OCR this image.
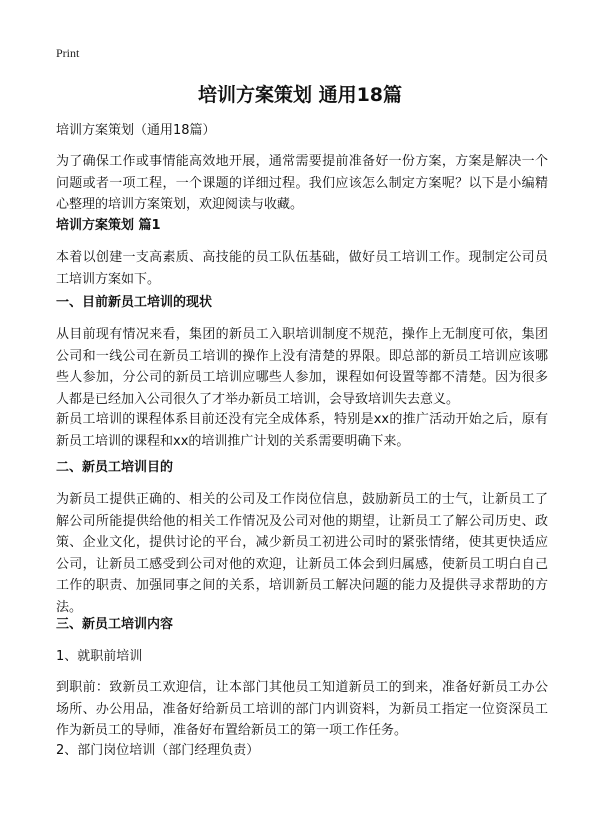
Print
培训方案策划 通用18篇

培训方案策划（通用18篇）

为了确保工作或事情能高效地开展，通常需要提前准备好一份方案，方案是解决一个问题或者一项工程，一个课题的详细过程。我们应该怎么制定方案呢？以下是小编精心整理的培训方案策划，欢迎阅读与收藏。

培训方案策划 篇1

本着以创建一支高素质、高技能的员工队伍基础，做好员工培训工作。现制定公司员工培训方案如下。

一、目前新员工培训的现状

从目前现有情况来看，集团的新员工入职培训制度不规范，操作上无制度可依，集团公司和一线公司在新员工培训的操作上没有清楚的界限。即总部的新员工培训应该哪些人参加，分公司的新员工培训应哪些人参加，课程如何设置等都不清楚。因为很多人都是已经加入公司很久了才举办新员工培训，会导致培训失去意义。

新员工培训的课程体系目前还没有完全成体系，特别是xx的推广活动开始之后，原有新员工培训的课程和xx的培训推广计划的关系需要明确下来。

二、新员工培训目的

为新员工提供正确的、相关的公司及工作岗位信息，鼓励新员工的士气，让新员工了解公司所能提供给他的相关工作情况及公司对他的期望，让新员工了解公司历史、政策、企业文化，提供讨论的平台，减少新员工初进公司时的紧张情绪，使其更快适应公司，让新员工感受到公司对他的欢迎，让新员工体会到归属感，使新员工明白自己工作的职责、加强同事之间的关系，培训新员工解决问题的能力及提供寻求帮助的方法。

三、新员工培训内容

1、就职前培训

到职前：致新员工欢迎信，让本部门其他员工知道新员工的到来，准备好新员工办公场所、办公用品，准备好给新员工培训的部门内训资料，为新员工指定一位资深员工作为新员工的导师，准备好布置给新员工的第一项工作任务。

2、部门岗位培训（部门经理负责）
